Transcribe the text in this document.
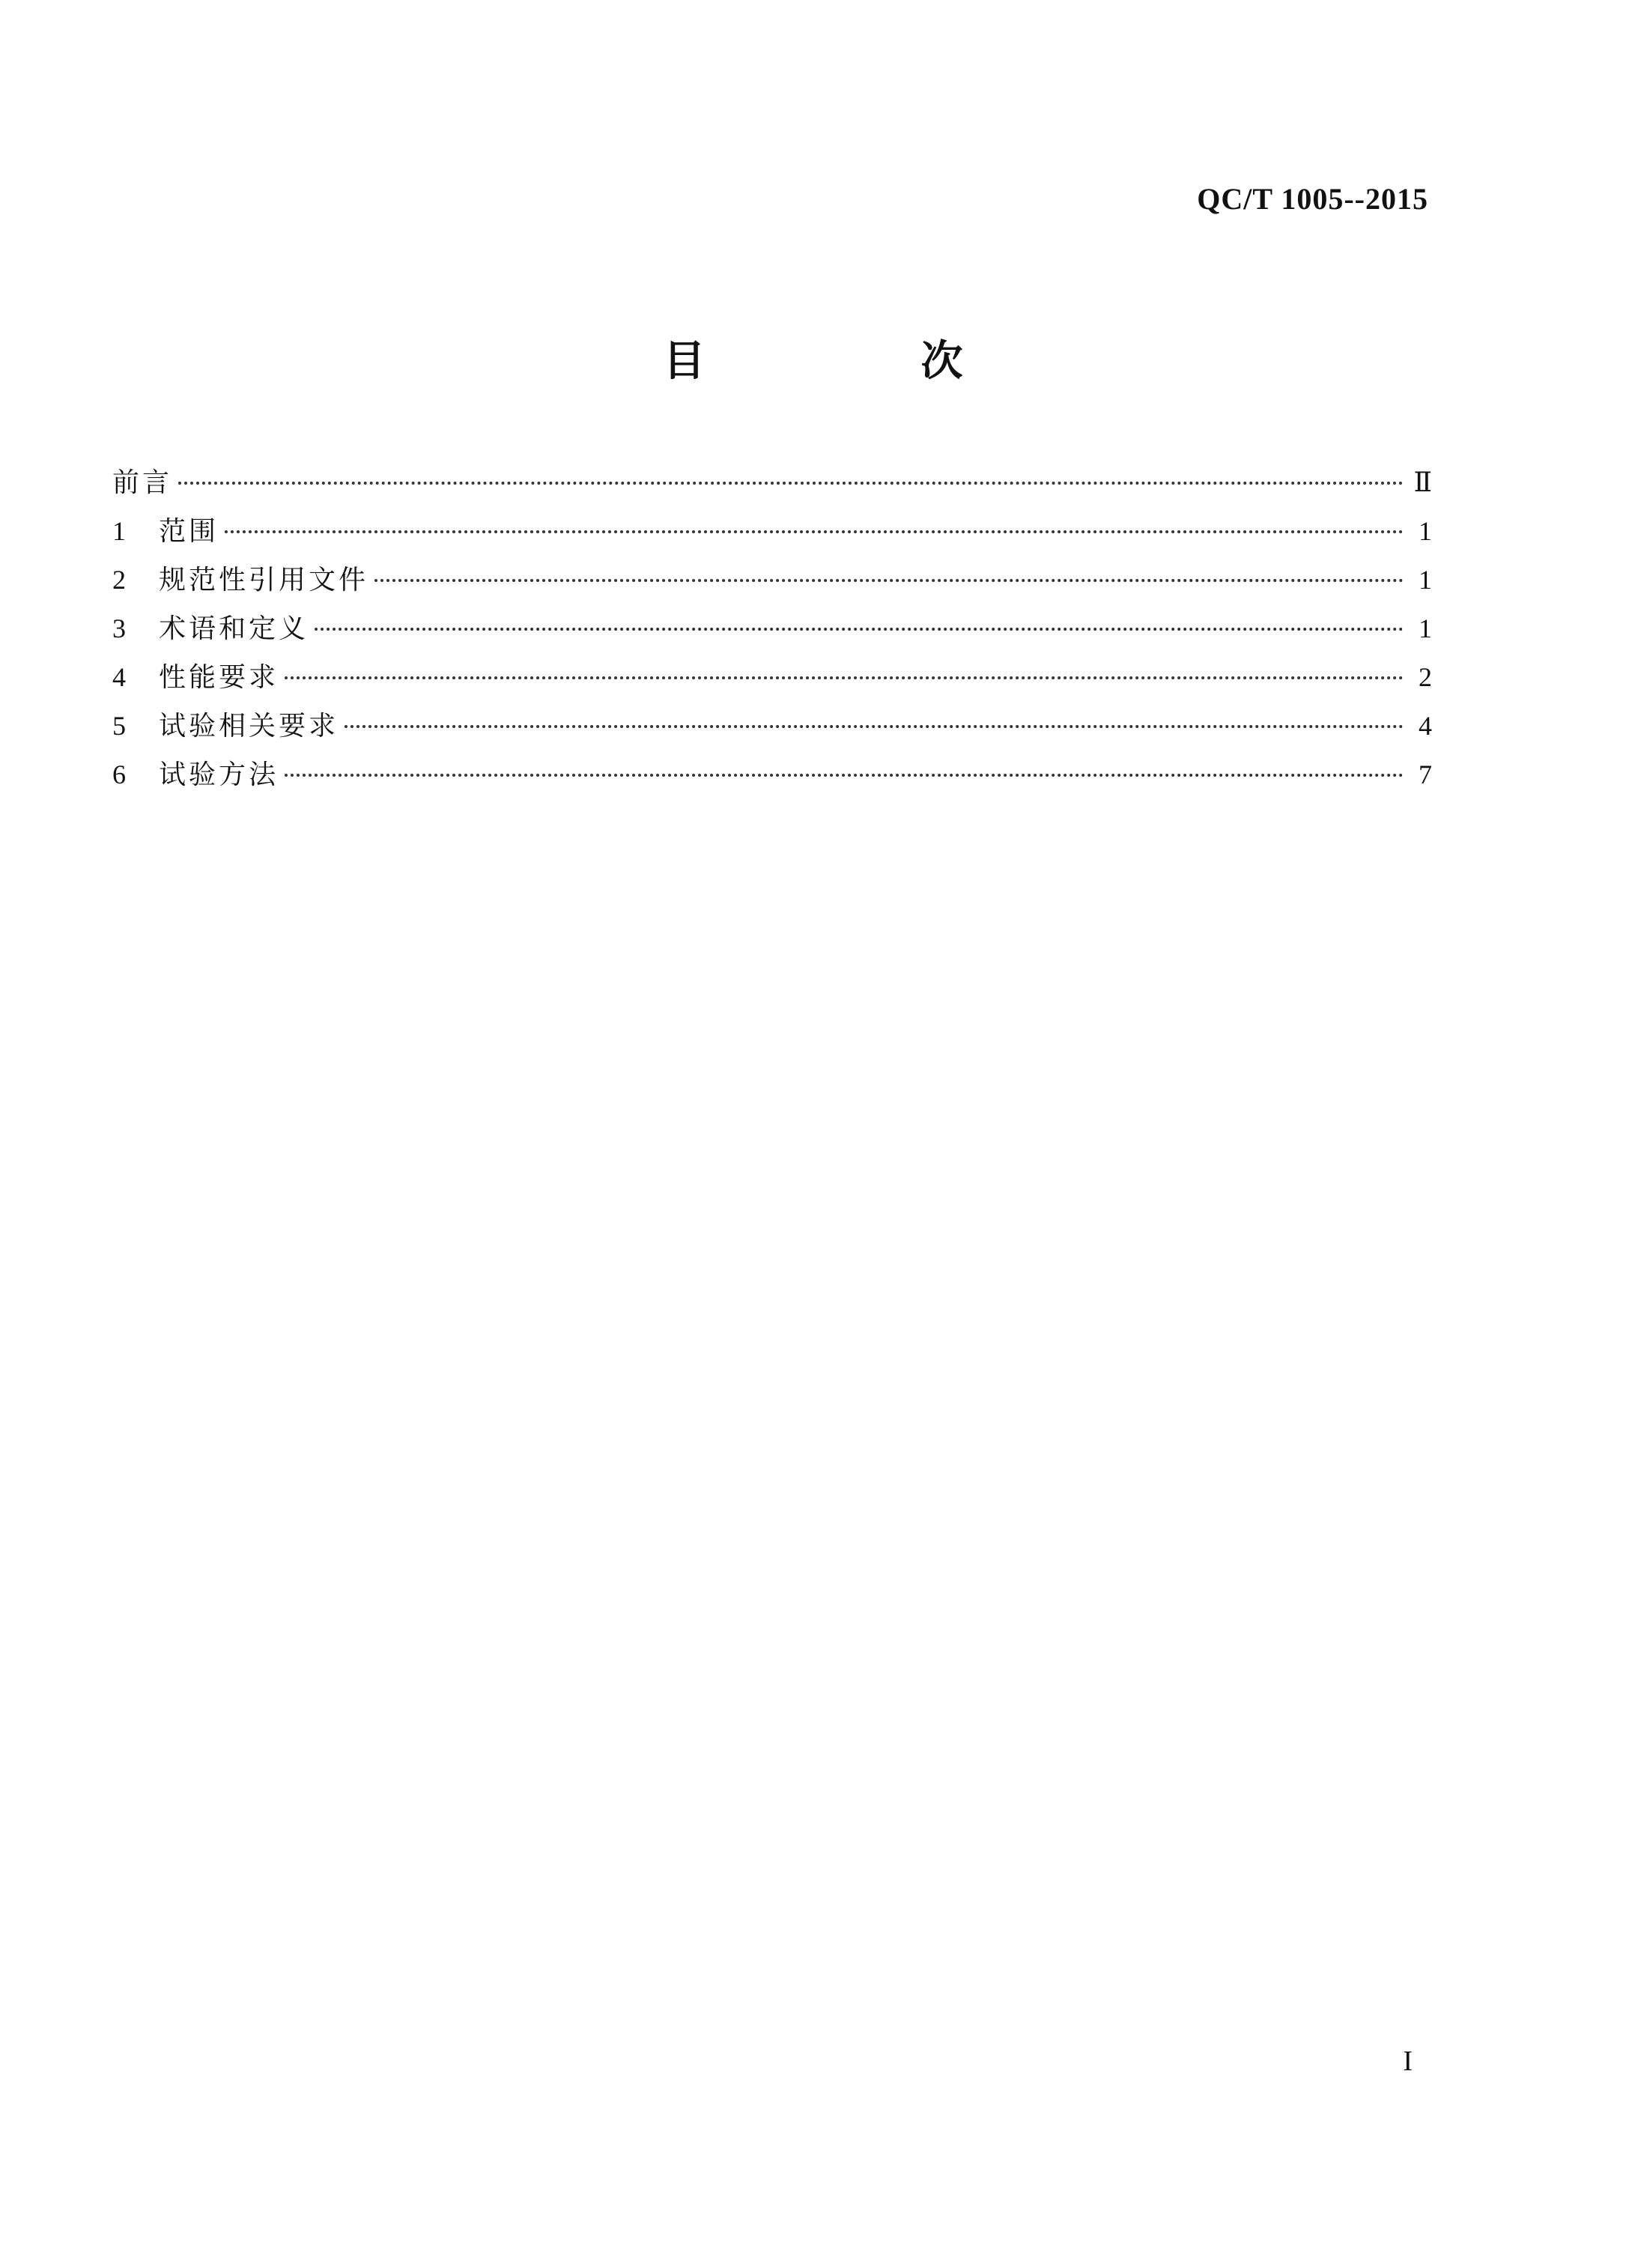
QC/T 1005--2015
目　次
前言	Ⅱ
1	范围	1
2	规范性引用文件	1
3	术语和定义	1
4	性能要求	2
5	试验相关要求	4
6	试验方法	7
I
